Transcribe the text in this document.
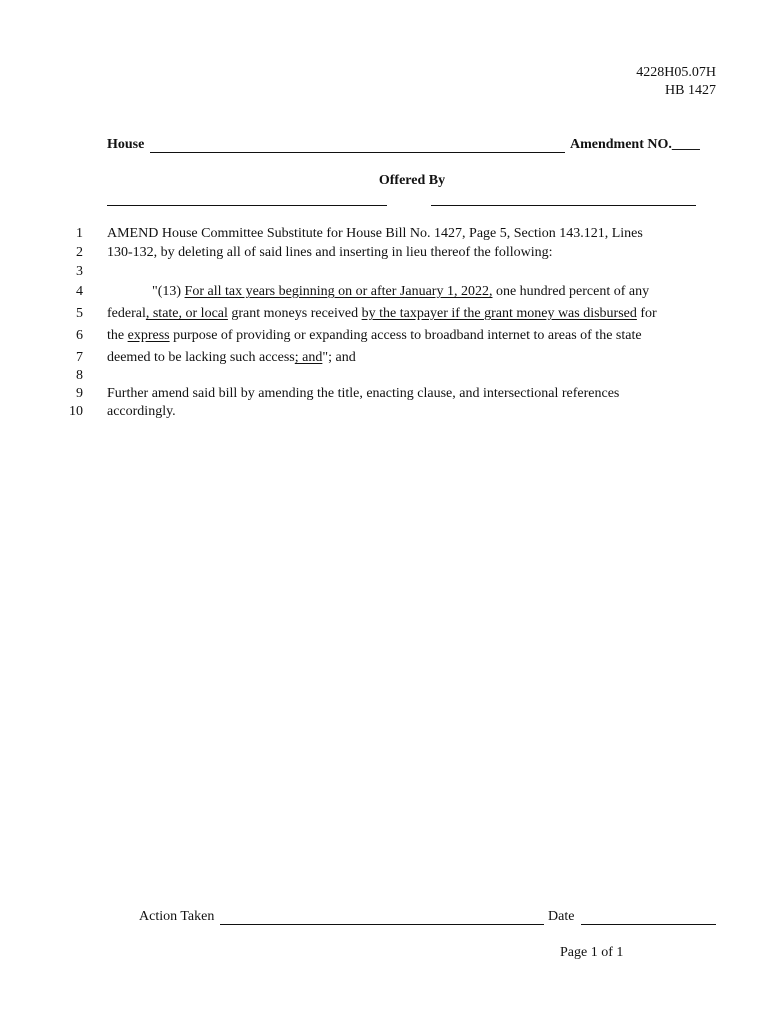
4228H05.07H
HB 1427
House	Amendment NO.____
Offered By
1
2
3
4
5
6
7
8
9
10
AMEND House Committee Substitute for House Bill No. 1427, Page 5, Section 143.121, Lines
130-132, by deleting all of said lines and inserting in lieu thereof the following:
"(13) For all tax years beginning on or after January 1, 2022, one hundred percent of any
federal, state, or local grant moneys received by the taxpayer if the grant money was disbursed for
the express purpose of providing or expanding access to broadband internet to areas of the state
deemed to be lacking such access; and"; and
Further amend said bill by amending the title, enacting clause, and intersectional references
accordingly.
Action Taken	Date
Page 1 of 1
